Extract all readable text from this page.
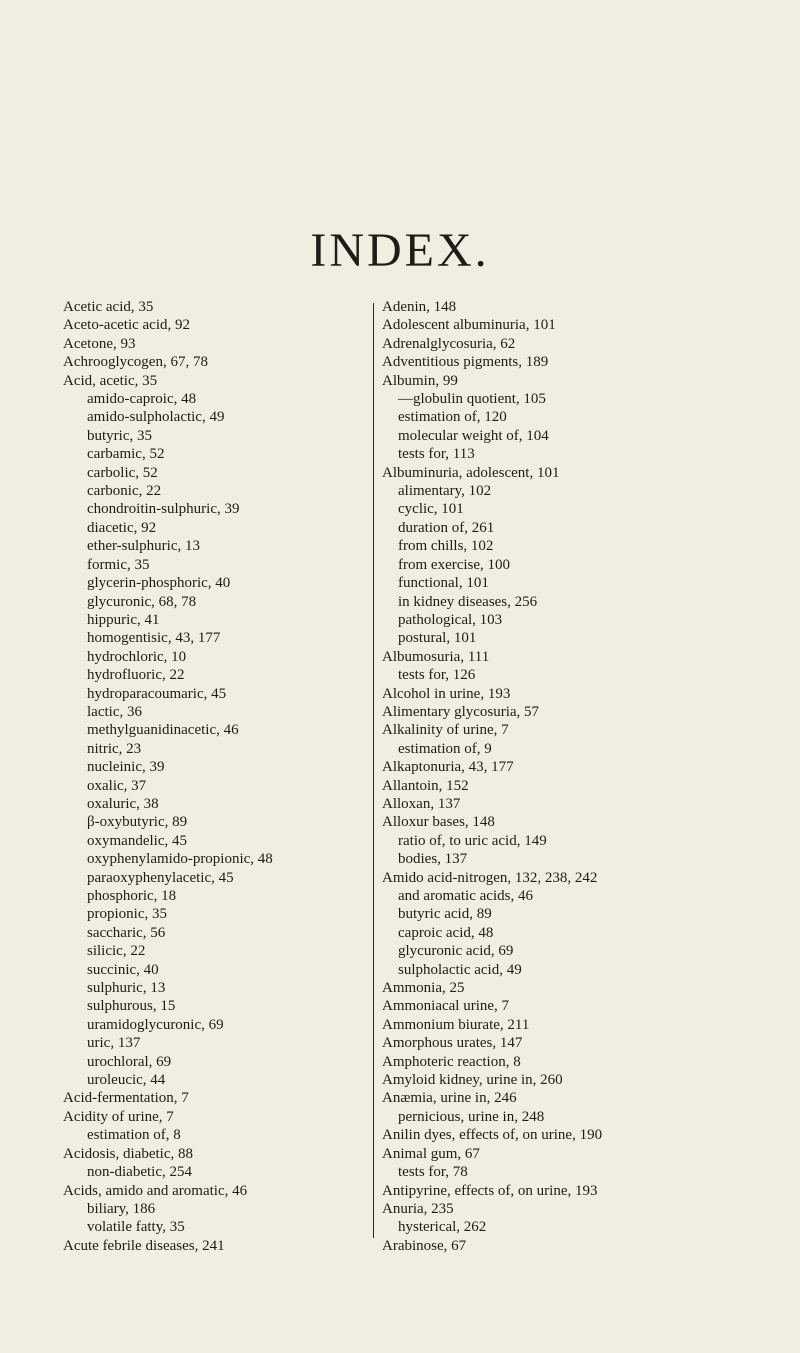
INDEX.
Acetic acid, 35
Aceto-acetic acid, 92
Acetone, 93
Achrooglycogen, 67, 78
Acid, acetic, 35
amido-caproic, 48
amido-sulpholactic, 49
butyric, 35
carbamic, 52
carbolic, 52
carbonic, 22
chondroitin-sulphuric, 39
diacetic, 92
ether-sulphuric, 13
formic, 35
glycerin-phosphoric, 40
glycuronic, 68, 78
hippuric, 41
homogentisic, 43, 177
hydrochloric, 10
hydrofluoric, 22
hydroparacoumaric, 45
lactic, 36
methylguanidinacetic, 46
nitric, 23
nucleinic, 39
oxalic, 37
oxaluric, 38
β-oxybutyric, 89
oxymandelic, 45
oxyphenylamido-propionic, 48
paraoxyphenylacetic, 45
phosphoric, 18
propionic, 35
saccharic, 56
silicic, 22
succinic, 40
sulphuric, 13
sulphurous, 15
uramidoglycuronic, 69
uric, 137
urochloral, 69
uroleucic, 44
Acid-fermentation, 7
Acidity of urine, 7
estimation of, 8
Acidosis, diabetic, 88
non-diabetic, 254
Acids, amido and aromatic, 46
biliary, 186
volatile fatty, 35
Acute febrile diseases, 241
Adenin, 148
Adolescent albuminuria, 101
Adrenalglycosuria, 62
Adventitious pigments, 189
Albumin, 99
—globulin quotient, 105
estimation of, 120
molecular weight of, 104
tests for, 113
Albuminuria, adolescent, 101
alimentary, 102
cyclic, 101
duration of, 261
from chills, 102
from exercise, 100
functional, 101
in kidney diseases, 256
pathological, 103
postural, 101
Albumosuria, 111
tests for, 126
Alcohol in urine, 193
Alimentary glycosuria, 57
Alkalinity of urine, 7
estimation of, 9
Alkaptonuria, 43, 177
Allantoin, 152
Alloxan, 137
Alloxur bases, 148
ratio of, to uric acid, 149
bodies, 137
Amido acid-nitrogen, 132, 238, 242
and aromatic acids, 46
butyric acid, 89
caproic acid, 48
glycuronic acid, 69
sulpholactic acid, 49
Ammonia, 25
Ammoniacal urine, 7
Ammonium biurate, 211
Amorphous urates, 147
Amphoteric reaction, 8
Amyloid kidney, urine in, 260
Anæmia, urine in, 246
pernicious, urine in, 248
Anilin dyes, effects of, on urine, 190
Animal gum, 67
tests for, 78
Antipyrine, effects of, on urine, 193
Anuria, 235
hysterical, 262
Arabinose, 67
